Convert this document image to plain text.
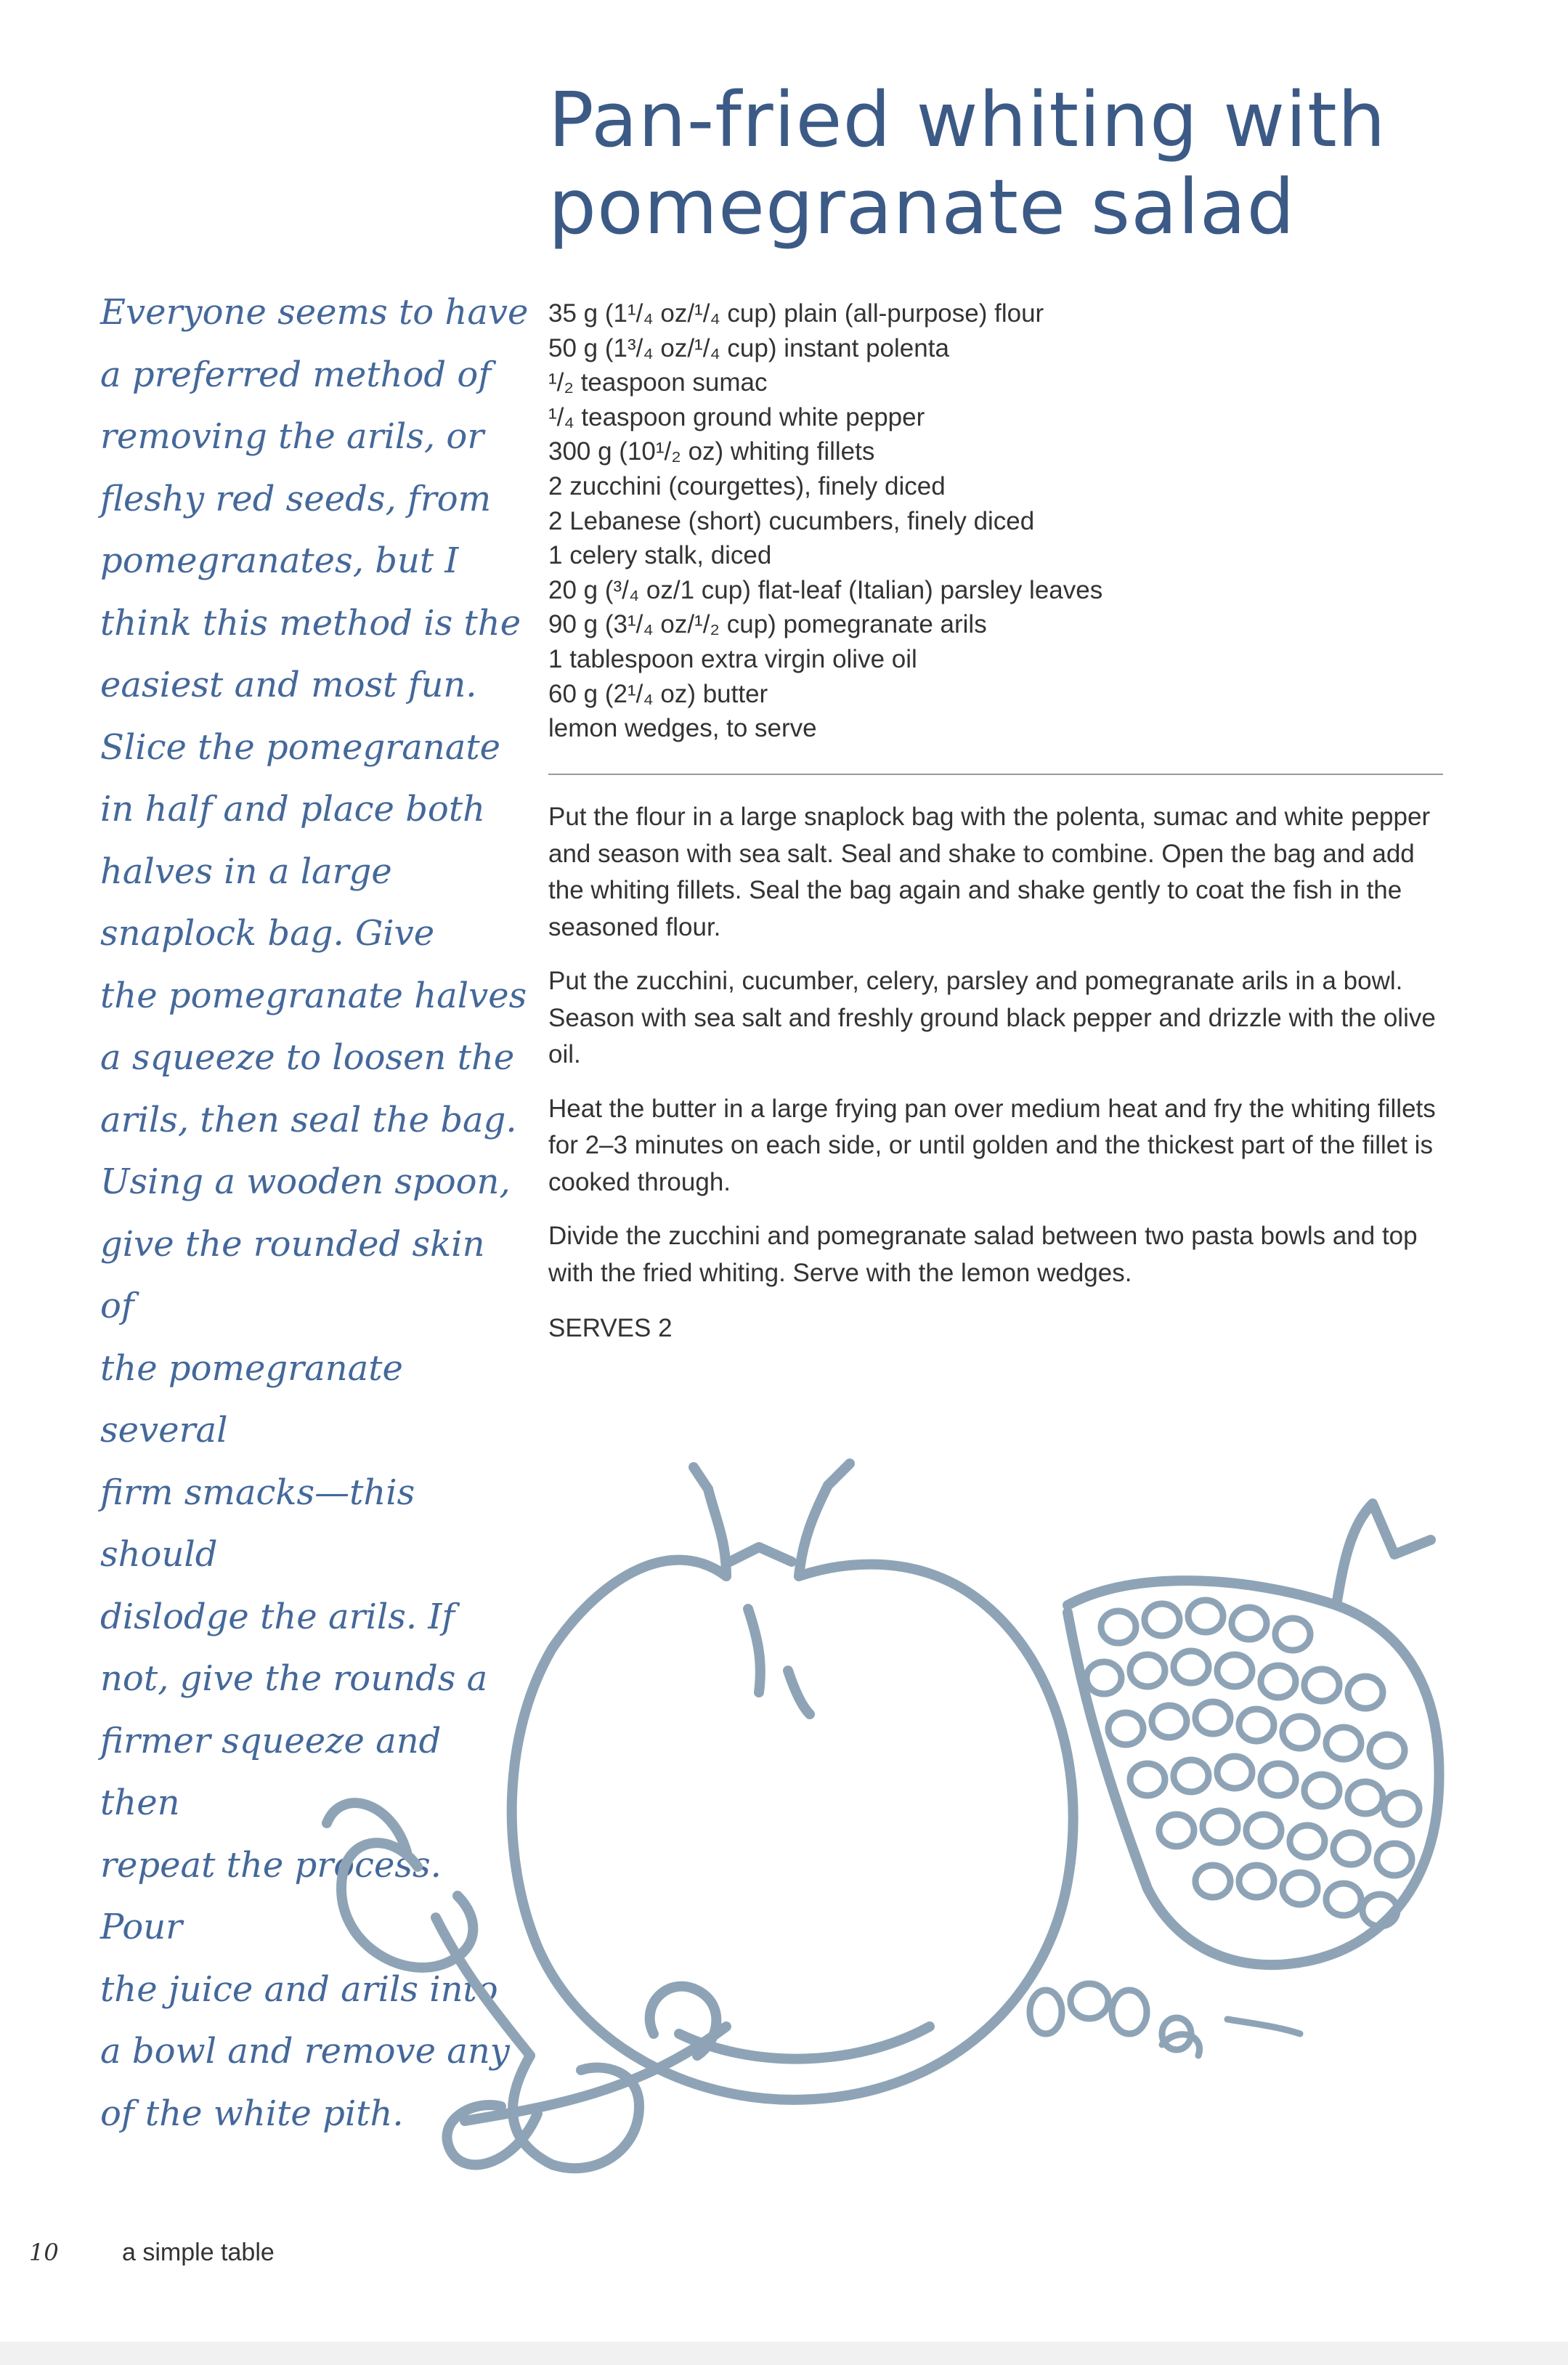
Pan-fried whiting with
pomegranate salad
Everyone seems to have
a preferred method of
removing the arils, or
fleshy red seeds, from
pomegranates, but I
think this method is the
easiest and most fun.
Slice the pomegranate
in half and place both
halves in a large
snaplock bag. Give
the pomegranate halves
a squeeze to loosen the
arils, then seal the bag.
Using a wooden spoon,
give the rounded skin of
the pomegranate several
firm smacks—this should
dislodge the arils. If
not, give the rounds a
firmer squeeze and then
repeat the process. Pour
the juice and arils into
a bowl and remove any
of the white pith.
35 g (1¹/₄ oz/¹/₄ cup) plain (all-purpose) flour
50 g (1³/₄ oz/¹/₄ cup) instant polenta
¹/₂ teaspoon sumac
¹/₄ teaspoon ground white pepper
300 g (10¹/₂ oz) whiting fillets
2 zucchini (courgettes), finely diced
2 Lebanese (short) cucumbers, finely diced
1 celery stalk, diced
20 g (³/₄ oz/1 cup) flat-leaf (Italian) parsley leaves
90 g (3¹/₄ oz/¹/₂ cup) pomegranate arils
1 tablespoon extra virgin olive oil
60 g (2¹/₄ oz) butter
lemon wedges, to serve

Put the flour in a large snaplock bag with the polenta, sumac and white pepper and season with sea salt. Seal and shake to combine. Open the bag and add the whiting fillets. Seal the bag again and shake gently to coat the fish in the seasoned flour.

Put the zucchini, cucumber, celery, parsley and pomegranate arils in a bowl. Season with sea salt and freshly ground black pepper and drizzle with the olive oil.

Heat the butter in a large frying pan over medium heat and fry the whiting fillets for 2–3 minutes on each side, or until golden and the thickest part of the fillet is cooked through.

Divide the zucchini and pomegranate salad between two pasta bowls and top with the fried whiting. Serve with the lemon wedges.

SERVES 2
10	a simple table
